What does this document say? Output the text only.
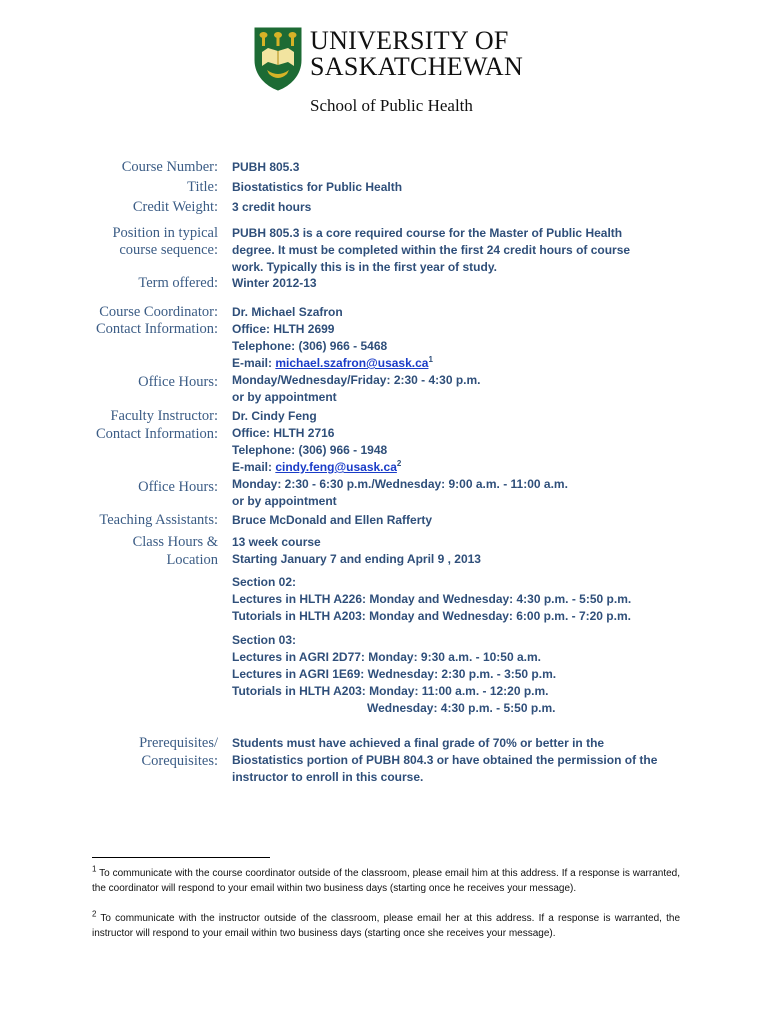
UNIVERSITY OF
SASKATCHEWAN
School of Public Health
Course Number: PUBH 805.3
Title: Biostatistics for Public Health
Credit Weight: 3 credit hours
Position in typical
course sequence:
PUBH 805.3 is a core required course for the Master of Public Health
degree. It must be completed within the first 24 credit hours of course
work. Typically this is in the first year of study.
Term offered: Winter 2012-13
Course Coordinator:
Contact Information:
Dr. Michael Szafron
Office: HLTH 2699
Telephone: (306) 966 - 5468
E-mail: $michael.szafron@usask.ca^1$
Office Hours: Monday/Wednesday/Friday: 2:30 - 4:30 p.m.
or by appointment
Faculty Instructor:
Contact Information:
Dr. Cindy Feng
Office: HLTH 2716
Telephone: (306) 966 - 1948
E-mail: $cindy.feng@usask.ca^2$
Office Hours: Monday: 2:30 - 6:30 p.m./Wednesday: 9:00 a.m. - 11:00 a.m.
or by appointment
Teaching Assistants: Bruce McDonald and Ellen Rafferty
Class Hours &
Location
13 week course
Starting January 7 and ending April 9 , 2013
Section 02:
Lectures in HLTH A226: Monday and Wednesday: 4:30 p.m. - 5:50 p.m.
Tutorials in HLTH A203: Monday and Wednesday: 6:00 p.m. - 7:20 p.m.
Section 03:
Lectures in AGRI 2D77: Monday: 9:30 a.m. - 10:50 a.m.
Lectures in AGRI 1E69: Wednesday: 2:30 p.m. - 3:50 p.m.
Tutorials in HLTH A203: Monday: 11:00 a.m. - 12:20 p.m.
Wednesday: 4:30 p.m. - 5:50 p.m.
Prerequisites/
Corequisites:
Students must have achieved a final grade of 70% or better in the
Biostatistics portion of PUBH 804.3 or have obtained the permission of the
instructor to enroll in this course.
$^1$ To communicate with the course coordinator outside of the classroom, please email him at this address. If a response is warranted, the coordinator will respond to your email within two business days (starting once he receives your message).
$^2$ To communicate with the instructor outside of the classroom, please email her at this address. If a response is warranted, the instructor will respond to your email within two business days (starting once she receives your message).
